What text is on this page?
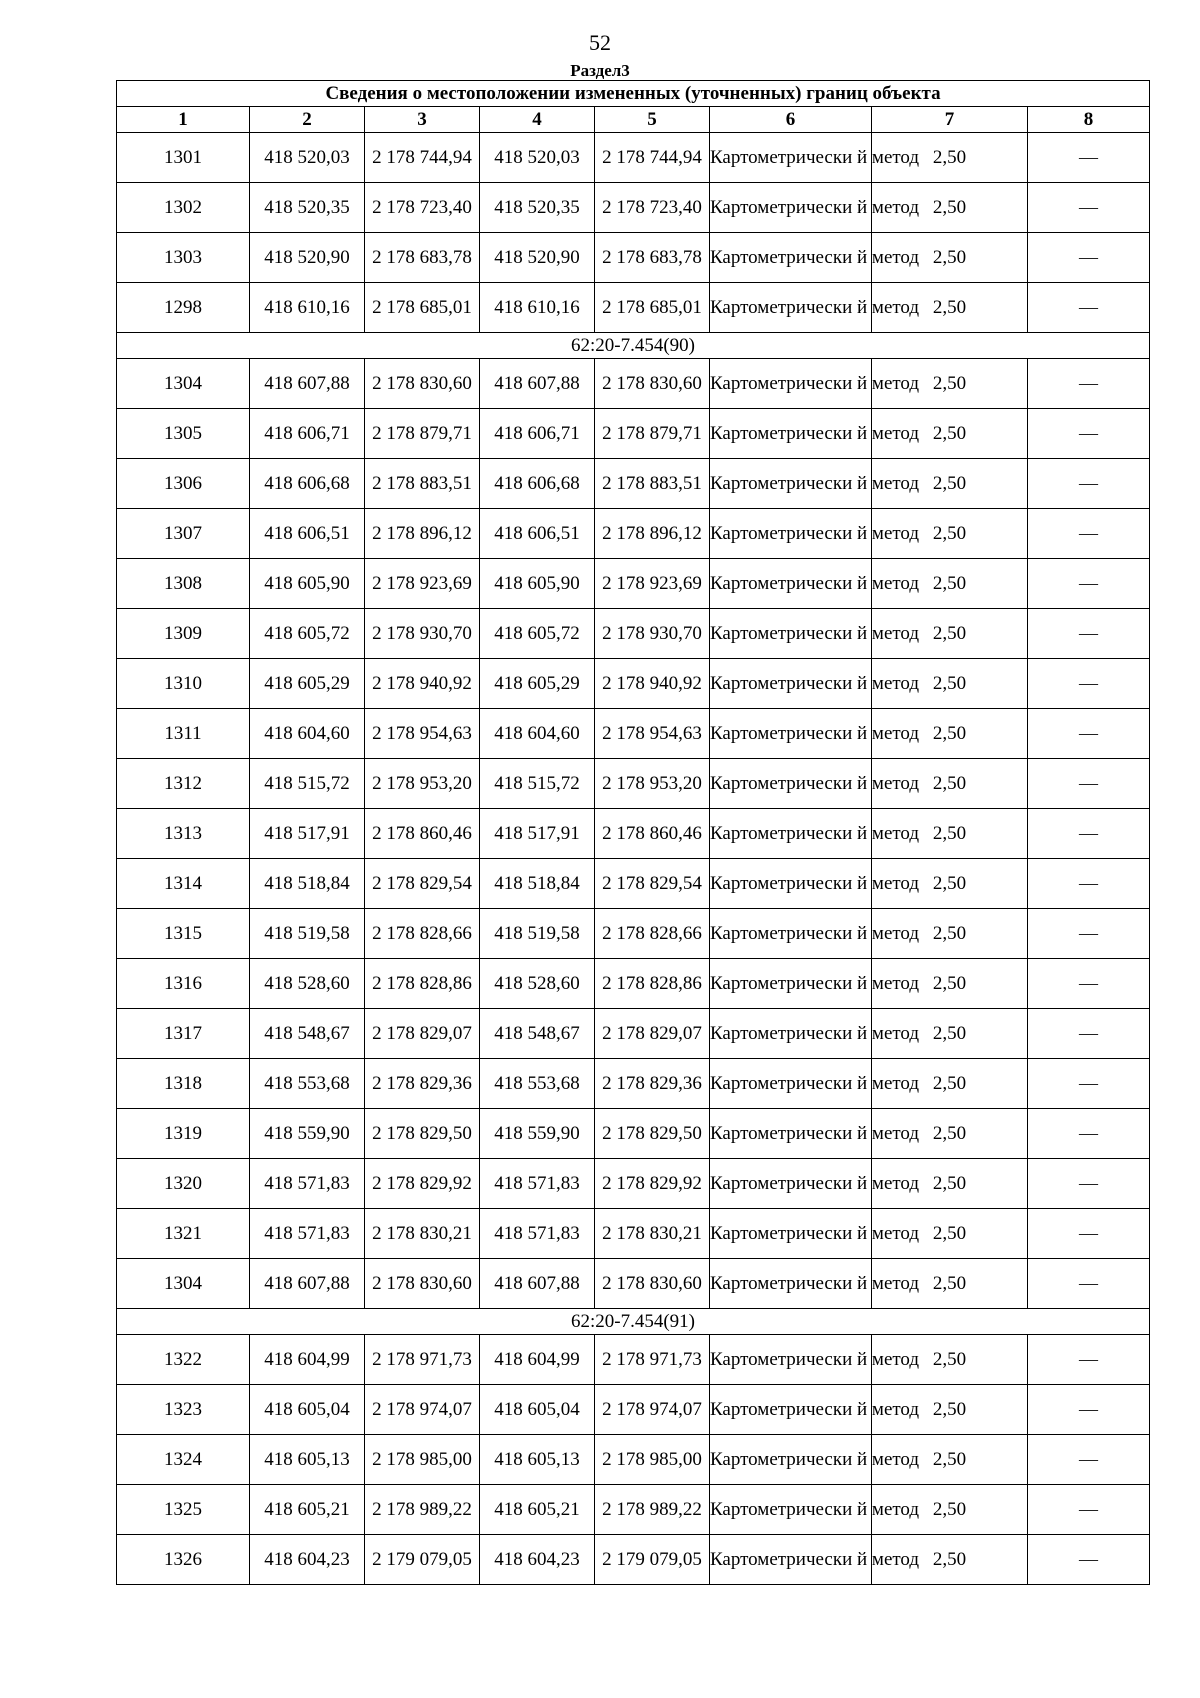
52
Раздел3
Сведения о местоположении измененных (уточненных) границ объекта							
1	2	3	4	5	6	7	8
1301	418 520,03	2 178 744,94	418 520,03	2 178 744,94	Картометрически й метод	2,50	—
1302	418 520,35	2 178 723,40	418 520,35	2 178 723,40	Картометрически й метод	2,50	—
1303	418 520,90	2 178 683,78	418 520,90	2 178 683,78	Картометрически й метод	2,50	—
1298	418 610,16	2 178 685,01	418 610,16	2 178 685,01	Картометрически й метод	2,50	—
62:20-7.454(90)							
1304	418 607,88	2 178 830,60	418 607,88	2 178 830,60	Картометрически й метод	2,50	—
1305	418 606,71	2 178 879,71	418 606,71	2 178 879,71	Картометрически й метод	2,50	—
1306	418 606,68	2 178 883,51	418 606,68	2 178 883,51	Картометрически й метод	2,50	—
1307	418 606,51	2 178 896,12	418 606,51	2 178 896,12	Картометрически й метод	2,50	—
1308	418 605,90	2 178 923,69	418 605,90	2 178 923,69	Картометрически й метод	2,50	—
1309	418 605,72	2 178 930,70	418 605,72	2 178 930,70	Картометрически й метод	2,50	—
1310	418 605,29	2 178 940,92	418 605,29	2 178 940,92	Картометрически й метод	2,50	—
1311	418 604,60	2 178 954,63	418 604,60	2 178 954,63	Картометрически й метод	2,50	—
1312	418 515,72	2 178 953,20	418 515,72	2 178 953,20	Картометрически й метод	2,50	—
1313	418 517,91	2 178 860,46	418 517,91	2 178 860,46	Картометрически й метод	2,50	—
1314	418 518,84	2 178 829,54	418 518,84	2 178 829,54	Картометрически й метод	2,50	—
1315	418 519,58	2 178 828,66	418 519,58	2 178 828,66	Картометрически й метод	2,50	—
1316	418 528,60	2 178 828,86	418 528,60	2 178 828,86	Картометрически й метод	2,50	—
1317	418 548,67	2 178 829,07	418 548,67	2 178 829,07	Картометрически й метод	2,50	—
1318	418 553,68	2 178 829,36	418 553,68	2 178 829,36	Картометрически й метод	2,50	—
1319	418 559,90	2 178 829,50	418 559,90	2 178 829,50	Картометрически й метод	2,50	—
1320	418 571,83	2 178 829,92	418 571,83	2 178 829,92	Картометрически й метод	2,50	—
1321	418 571,83	2 178 830,21	418 571,83	2 178 830,21	Картометрически й метод	2,50	—
1304	418 607,88	2 178 830,60	418 607,88	2 178 830,60	Картометрически й метод	2,50	—
62:20-7.454(91)							
1322	418 604,99	2 178 971,73	418 604,99	2 178 971,73	Картометрически й метод	2,50	—
1323	418 605,04	2 178 974,07	418 605,04	2 178 974,07	Картометрически й метод	2,50	—
1324	418 605,13	2 178 985,00	418 605,13	2 178 985,00	Картометрически й метод	2,50	—
1325	418 605,21	2 178 989,22	418 605,21	2 178 989,22	Картометрически й метод	2,50	—
1326	418 604,23	2 179 079,05	418 604,23	2 179 079,05	Картометрически й метод	2,50	—
